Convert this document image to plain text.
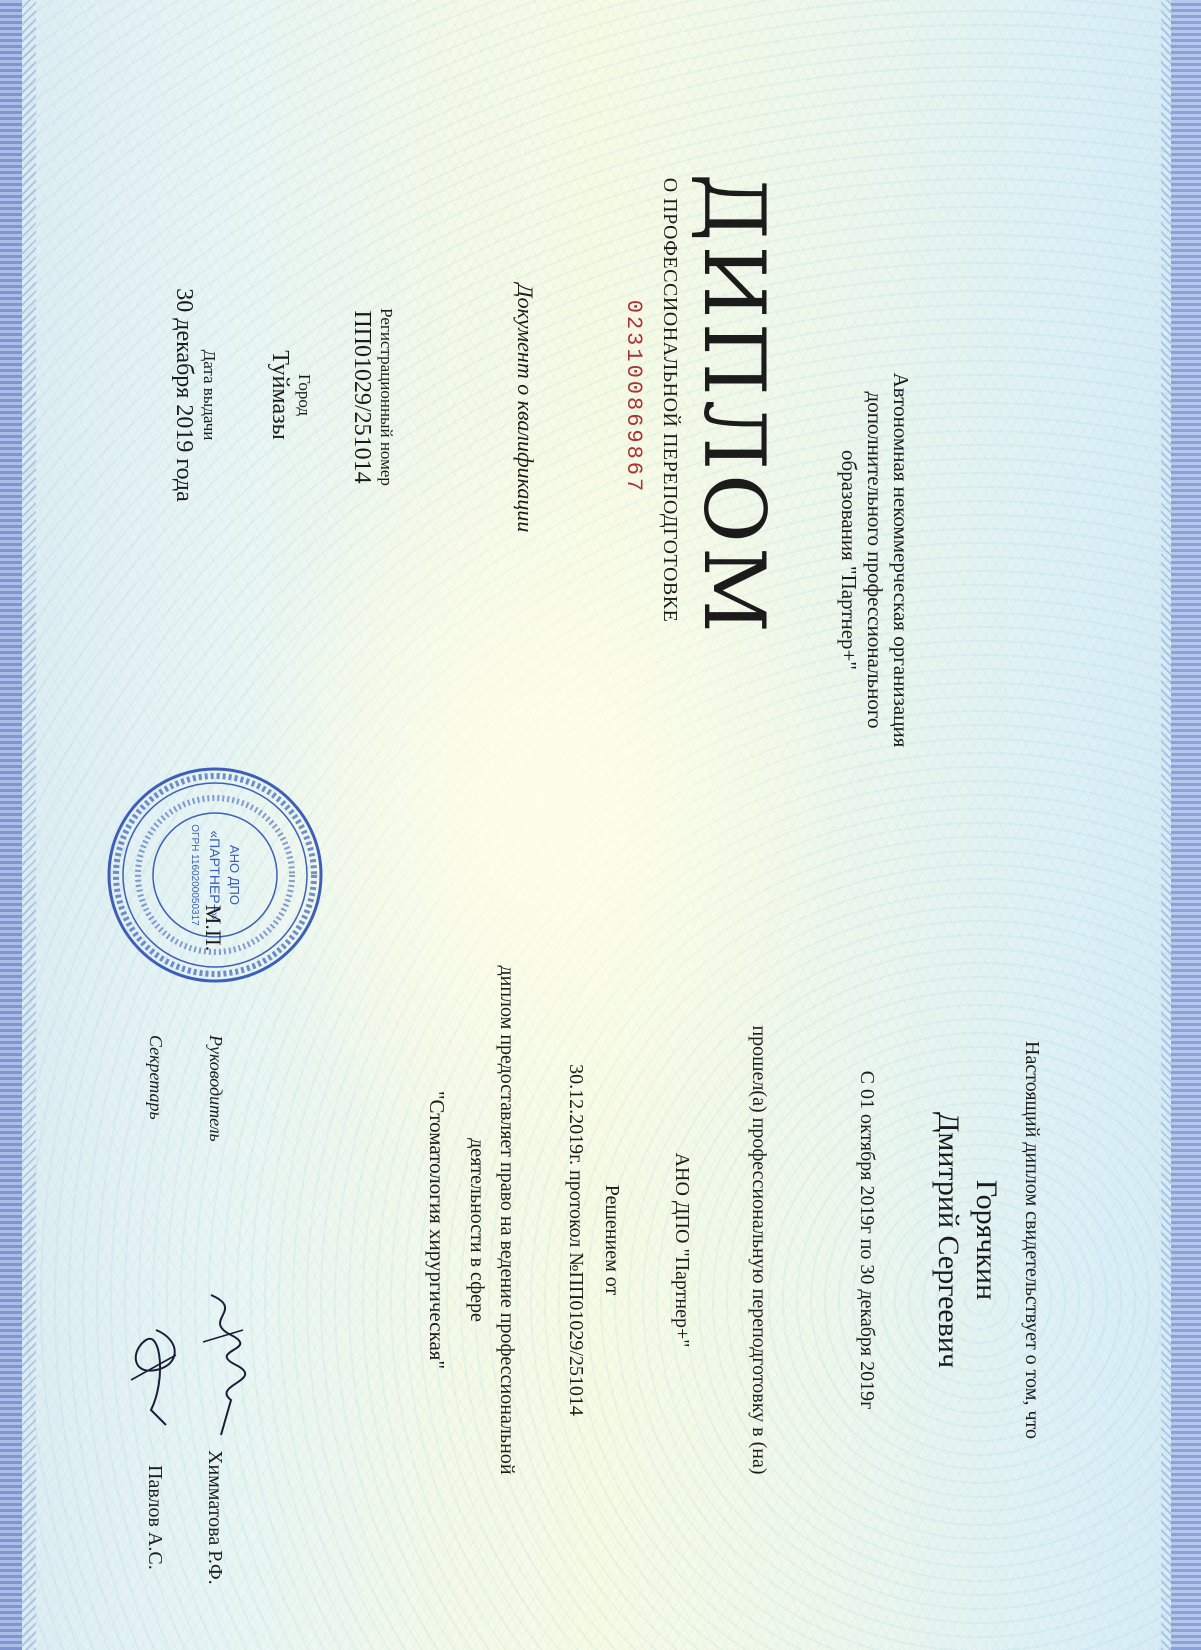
Автономная некоммерческая организация
дополнительного профессионального
образования "Партнер+"
ДИПЛОМ
О ПРОФЕССИОНАЛЬНОЙ ПЕРЕПОДГОТОВКЕ
023100869867
Документ о квалификации
Регистрационный номер
ПП01029/251014
Город
Туймазы
Дата выдачи
30 декабря 2019 года
Настоящий диплом свидетельствует о том, что
Горячкин
Дмитрий Сергеевич
С 01 октября 2019г по 30 декабря 2019г
прошел(а) профессиональную переподготовку в (на)
АНО ДПО "Партнер+"
Решением от
30.12.2019г. протокол №ПП01029/251014
диплом предоставляет право на ведение профессиональной
деятельности в сфере
"Стоматология хирургическая"
Руководитель
Химматова Р.Ф.
Секретарь
Павлов А.С.
АНО ДПО
«ПАРТНЕР+»
ОГРН 1160200050317
М.П.
